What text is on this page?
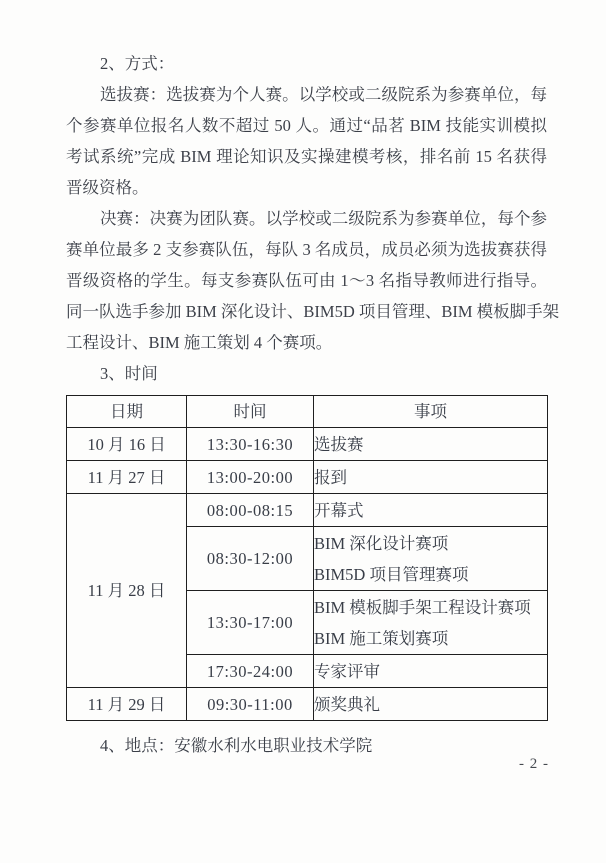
2、方式：
选拔赛：选拔赛为个人赛。以学校或二级院系为参赛单位，每
个参赛单位报名人数不超过 50 人。通过“品茗 BIM 技能实训模拟
考试系统”完成 BIM 理论知识及实操建模考核，排名前 15 名获得
晋级资格。
决赛：决赛为团队赛。以学校或二级院系为参赛单位，每个参
赛单位最多 2 支参赛队伍，每队 3 名成员，成员必须为选拔赛获得
晋级资格的学生。每支参赛队伍可由 1～3 名指导教师进行指导。
同一队选手参加 BIM 深化设计、BIM5D 项目管理、BIM 模板脚手架
工程设计、BIM 施工策划 4 个赛项。
3、时间
日期	时间	事项
10 月 16 日	13:30-16:30	选拔赛
11 月 27 日	13:00-20:00	报到
11 月 28 日	08:00-08:15	开幕式
	08:30-12:00	BIM 深化设计赛项
BIM5D 项目管理赛项

	13:30-17:00	BIM 模板脚手架工程设计赛项
BIM 施工策划赛项

	17:30-24:00	专家评审
11 月 29 日	09:30-11:00	颁奖典礼
4、地点：安徽水利水电职业技术学院
- 2 -
